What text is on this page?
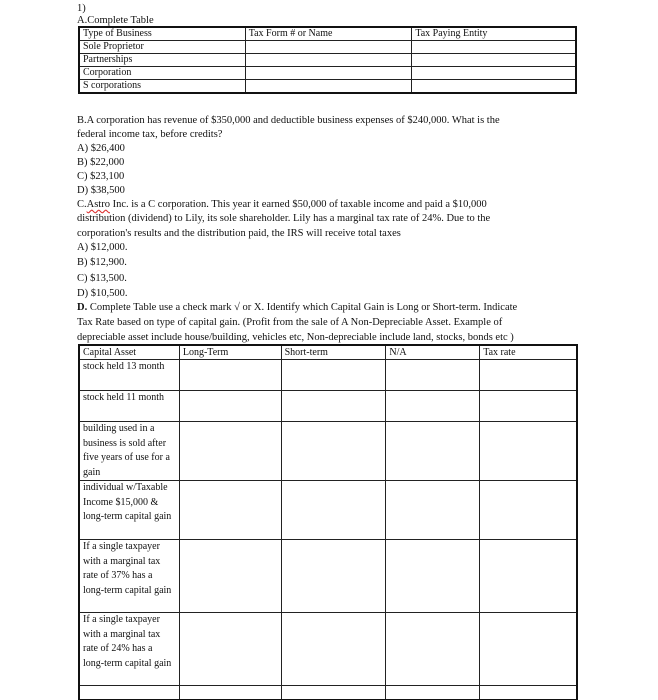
1)
A.Complete Table
Type of Business	Tax Form # or Name	Tax Paying Entity
Sole Proprietor		
Partnerships		
Corporation		
S corporations		
B.A corporation has revenue of $350,000 and deductible business expenses of $240,000. What is the
federal income tax, before credits?
A) $26,400
B) $22,000
C) $23,100
D) $38,500
C.Astro Inc. is a C corporation. This year it earned $50,000 of taxable income and paid a $10,000
distribution (dividend) to Lily, its sole shareholder. Lily has a marginal tax rate of 24%. Due to the
corporation's results and the distribution paid, the IRS will receive total taxes
A) $12,000.
B) $12,900.
C) $13,500.
D) $10,500.
D. Complete Table use a check mark √ or X. Identify which Capital Gain is Long or Short-term. Indicate
Tax Rate based on type of capital gain. (Profit from the sale of A Non-Depreciable Asset. Example of
depreciable asset include house/building, vehicles etc, Non-depreciable include land, stocks, bonds etc )
Capital Asset	Long-Term	Short-term	N/A	Tax rate
stock held 13 month				
stock held 11 month				
building used in a business is sold after five years of use for a gain				
individual w/Taxable Income $15,000 & long-term capital gain				
If a single taxpayer with a marginal tax rate of 37% has a long-term capital gain				
If a single taxpayer with a marginal tax rate of 24% has a long-term capital gain				
